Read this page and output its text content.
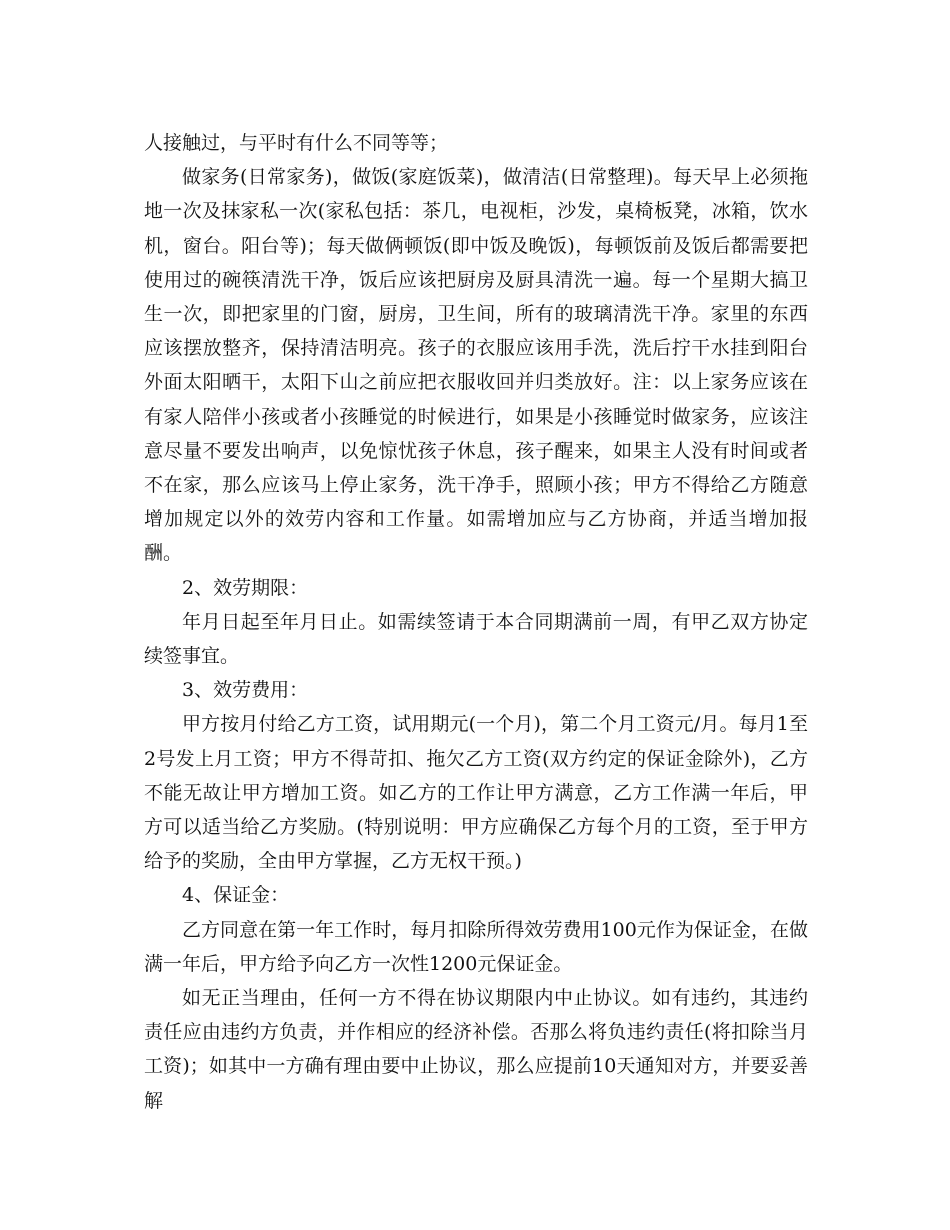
人接触过，与平时有什么不同等等；

做家务(日常家务)，做饭(家庭饭菜)，做清洁(日常整理)。每天早上必须拖地一次及抹家私一次(家私包括：茶几，电视柜，沙发，桌椅板凳，冰箱，饮水机，窗台。阳台等)；每天做俩顿饭(即中饭及晚饭)，每顿饭前及饭后都需要把使用过的碗筷清洗干净，饭后应该把厨房及厨具清洗一遍。每一个星期大搞卫生一次，即把家里的门窗，厨房，卫生间，所有的玻璃清洗干净。家里的东西应该摆放整齐，保持清洁明亮。孩子的衣服应该用手洗，洗后拧干水挂到阳台外面太阳晒干，太阳下山之前应把衣服收回并归类放好。注：以上家务应该在有家人陪伴小孩或者小孩睡觉的时候进行，如果是小孩睡觉时做家务，应该注意尽量不要发出响声，以免惊忧孩子休息，孩子醒来，如果主人没有时间或者不在家，那么应该马上停止家务，洗干净手，照顾小孩；甲方不得给乙方随意增加规定以外的效劳内容和工作量。如需增加应与乙方协商，并适当增加报酬。

2、效劳期限：

年月日起至年月日止。如需续签请于本合同期满前一周，有甲乙双方协定续签事宜。

3、效劳费用：

甲方按月付给乙方工资，试用期元(一个月)，第二个月工资元/月。每月1至2号发上月工资；甲方不得苛扣、拖欠乙方工资(双方约定的保证金除外)，乙方不能无故让甲方增加工资。如乙方的工作让甲方满意，乙方工作满一年后，甲方可以适当给乙方奖励。(特别说明：甲方应确保乙方每个月的工资，至于甲方给予的奖励，全由甲方掌握，乙方无权干预。)

4、保证金：

乙方同意在第一年工作时，每月扣除所得效劳费用100元作为保证金，在做满一年后，甲方给予向乙方一次性1200元保证金。

如无正当理由，任何一方不得在协议期限内中止协议。如有违约，其违约责任应由违约方负责，并作相应的经济补偿。否那么将负违约责任(将扣除当月工资)；如其中一方确有理由要中止协议，那么应提前10天通知对方，并要妥善解
